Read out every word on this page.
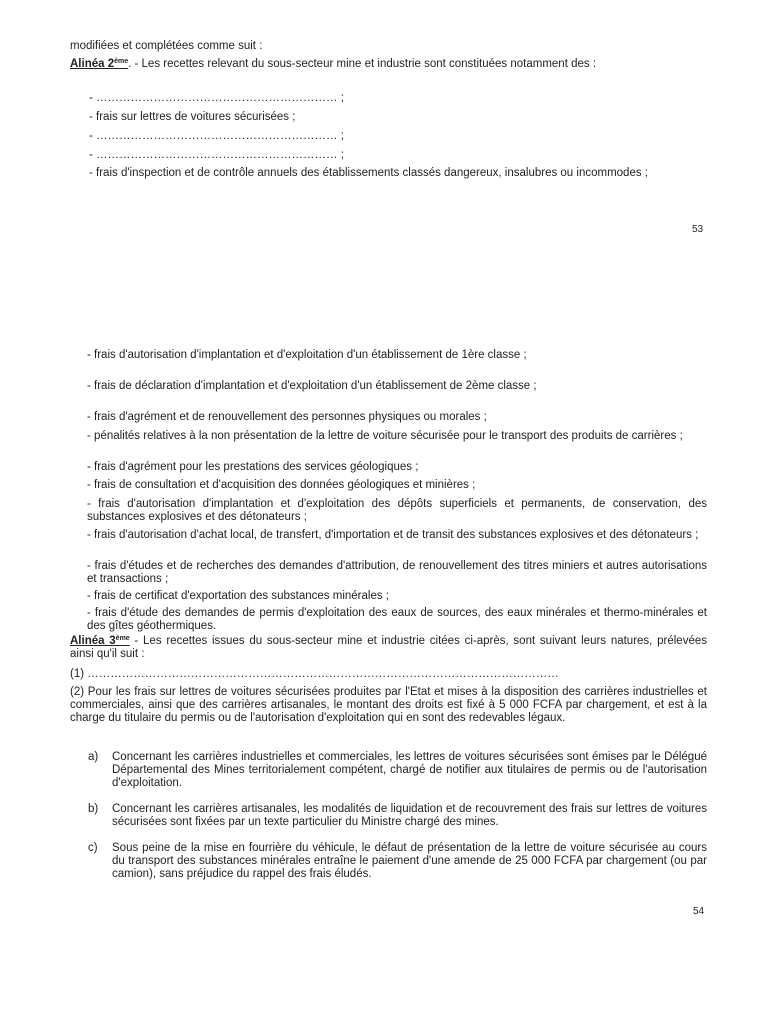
modifiées et complétées comme suit :
Alinéa 2ème. - Les recettes relevant du sous-secteur mine et industrie sont constituées notamment des :
- ……………………………………………………… ;
- frais sur lettres de voitures sécurisées ;
- ……………………………………………………… ;
- ……………………………………………………… ;
- frais d'inspection et de contrôle annuels des établissements classés dangereux, insalubres ou incommodes ;
53
- frais d'autorisation d'implantation et d'exploitation d'un établissement de 1ère classe ;
- frais de déclaration d'implantation et d'exploitation d'un établissement de 2ème classe ;
- frais d'agrément et de renouvellement des personnes physiques ou morales ;
- pénalités relatives à la non présentation de la lettre de voiture sécurisée pour le transport des produits de carrières ;
- frais d'agrément pour les prestations des services géologiques ;
- frais de consultation et d'acquisition des données géologiques et minières ;
- frais d'autorisation d'implantation et d'exploitation des dépôts superficiels et permanents, de conservation, des substances explosives et des détonateurs ;
- frais d'autorisation d'achat local, de transfert, d'importation et de transit des substances explosives et des détonateurs ;
- frais d'études et de recherches des demandes d'attribution, de renouvellement des titres miniers et autres autorisations et transactions ;
- frais de certificat d'exportation des substances minérales ;
- frais d'étude des demandes de permis d'exploitation des eaux de sources, des eaux minérales et thermo-minérales et des gîtes géothermiques.
Alinéa 3ème - Les recettes issues du sous-secteur mine et industrie citées ci-après, sont suivant leurs natures, prélevées ainsi qu'il suit :
(1) ……………………………………………………………………………………………………………
(2) Pour les frais sur lettres de voitures sécurisées produites par l'Etat et mises à la disposition des carrières industrielles et commerciales, ainsi que des carrières artisanales, le montant des droits est fixé à 5 000 FCFA par chargement, et est à la charge du titulaire du permis ou de l'autorisation d'exploitation qui en sont des redevables légaux.
a) Concernant les carrières industrielles et commerciales, les lettres de voitures sécurisées sont émises par le Délégué Départemental des Mines territorialement compétent, chargé de notifier aux titulaires de permis ou de l'autorisation d'exploitation.
b) Concernant les carrières artisanales, les modalités de liquidation et de recouvrement des frais sur lettres de voitures sécurisées sont fixées par un texte particulier du Ministre chargé des mines.
c) Sous peine de la mise en fourrière du véhicule, le défaut de présentation de la lettre de voiture sécurisée au cours du transport des substances minérales entraîne le paiement d'une amende de 25 000 FCFA par chargement (ou par camion), sans préjudice du rappel des frais éludés.
54
